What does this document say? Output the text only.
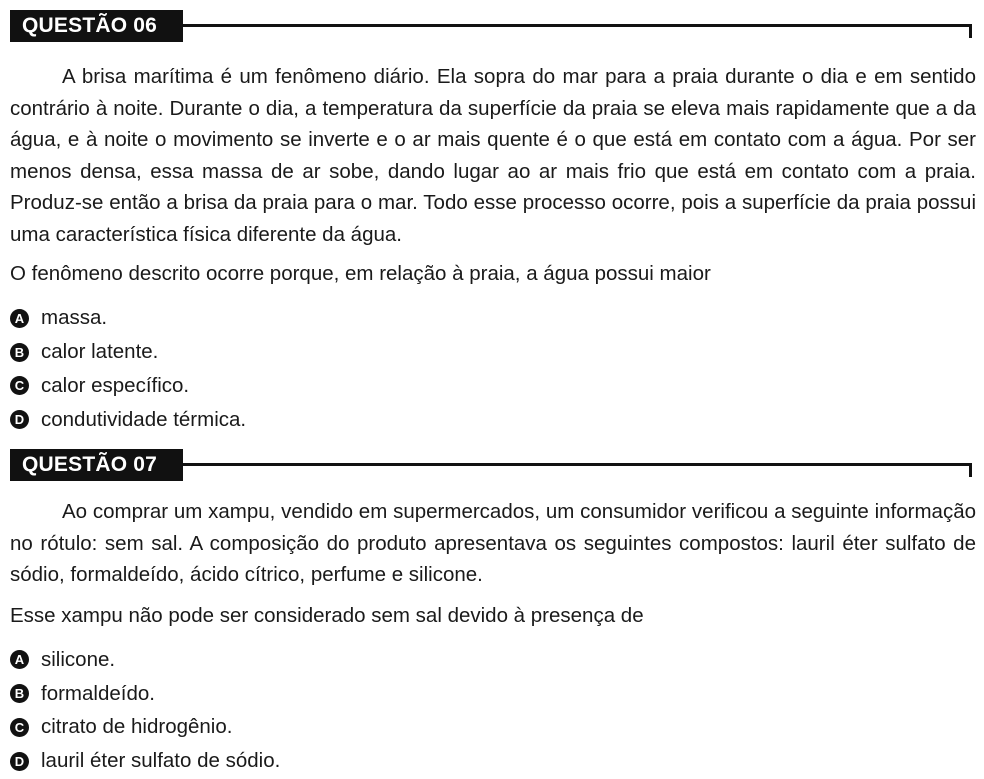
QUESTÃO 06

A brisa marítima é um fenômeno diário. Ela sopra do mar para a praia durante o dia e em sentido contrário à noite. Durante o dia, a temperatura da superfície da praia se eleva mais rapidamente que a da água, e à noite o movimento se inverte e o ar mais quente é o que está em contato com a água. Por ser menos densa, essa massa de ar sobe, dando lugar ao ar mais frio que está em contato com a praia. Produz-se então a brisa da praia para o mar. Todo esse processo ocorre, pois a superfície da praia possui uma característica física diferente da água.

O fenômeno descrito ocorre porque, em relação à praia, a água possui maior

A massa.
B calor latente.
C calor específico.
D condutividade térmica.
QUESTÃO 07

Ao comprar um xampu, vendido em supermercados, um consumidor verificou a seguinte informação no rótulo: sem sal. A composição do produto apresentava os seguintes compostos: lauril éter sulfato de sódio, formaldeído, ácido cítrico, perfume e silicone.

Esse xampu não pode ser considerado sem sal devido à presença de

A silicone.
B formaldeído.
C citrato de hidrogênio.
D lauril éter sulfato de sódio.
